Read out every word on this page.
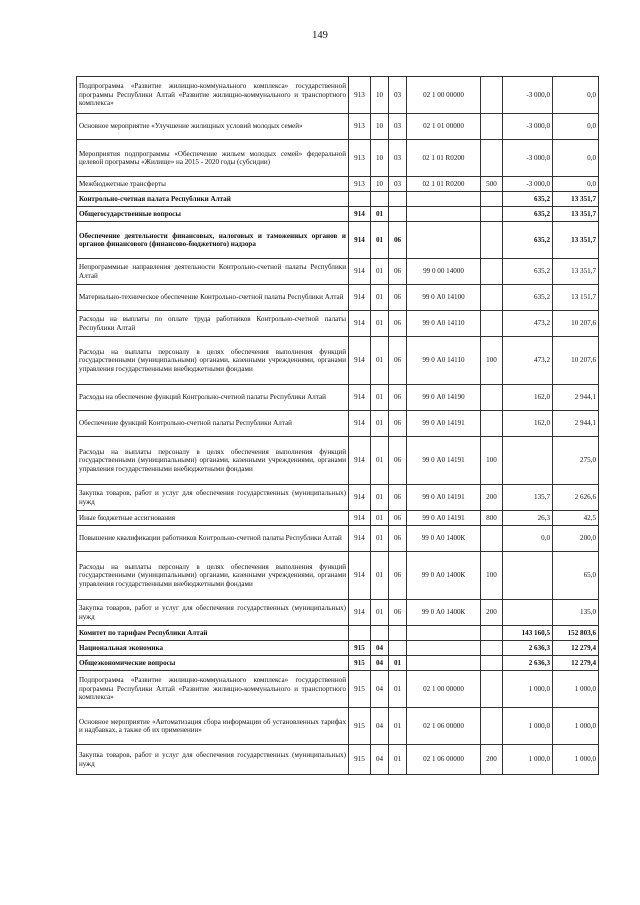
149
Подпрограмма «Развитие жилищно-коммунального комплекса» государственной программы Республики Алтай «Развитие жилищно-коммунального и транспортного комплекса»	913	10	03	02 1 00 00000		-3 000,0	0,0
Основное мероприятие «Улучшение жилищных условий молодых семей»	913	10	03	02 1 01 00000		-3 000,0	0,0
Мероприятия подпрограммы «Обеспечение жильем молодых семей» федеральной целевой программы «Жилище» на 2015 - 2020 годы (субсидии)	913	10	03	02 1 01 R0200		-3 000,0	0,0
Межбюджетные трансферты	913	10	03	02 1 01 R0200	500	-3 000,0	0,0
Контрольно-счетная палата Республики Алтай						635,2	13 351,7
Общегосударственные вопросы	914	01				635,2	13 351,7
Обеспечение деятельности финансовых, налоговых и таможенных органов и органов финансового (финансово-бюджетного) надзора	914	01	06			635,2	13 351,7
Непрограммные направления деятельности Контрольно-счетной палаты Республики Алтай	914	01	06	99 0 00 14000		635,2	13 351,7
Материально-техническое обеспечение Контрольно-счетной палаты Республики Алтай	914	01	06	99 0 А0 14100		635,2	13 151,7
Расходы на выплаты по оплате труда работников Контрольно-счетной палаты Республики Алтай	914	01	06	99 0 А0 14110		473,2	10 207,6
Расходы на выплаты персоналу в целях обеспечения выполнения функций государственными (муниципальными) органами, казенными учреждениями, органами управления государственными внебюджетными фондами	914	01	06	99 0 А0 14110	100	473,2	10 207,6
Расходы на обеспечение функций Контрольно-счетной палаты Республики Алтай	914	01	06	99 0 А0 14190		162,0	2 944,1
Обеспечение функций Контрольно-счетной палаты Республики Алтай	914	01	06	99 0 А0 14191		162,0	2 944,1
Расходы на выплаты персоналу в целях обеспечения выполнения функций государственными (муниципальными) органами, казенными учреждениями, органами управления государственными внебюджетными фондами	914	01	06	99 0 А0 14191	100		275,0
Закупка товаров, работ и услуг для обеспечения государственных (муниципальных) нужд	914	01	06	99 0 А0 14191	200	135,7	2 626,6
Иные бюджетные ассигнования	914	01	06	99 0 А0 14191	800	26,3	42,5
Повышение квалификации работников Контрольно-счетной палаты Республики Алтай	914	01	06	99 0 А0 1400К		0,0	200,0
Расходы на выплаты персоналу в целях обеспечения выполнения функций государственными (муниципальными) органами, казенными учреждениями, органами управления государственными внебюджетными фондами	914	01	06	99 0 А0 1400К	100		65,0
Закупка товаров, работ и услуг для обеспечения государственных (муниципальных) нужд	914	01	06	99 0 А0 1400К	200		135,0
Комитет по тарифам Республики Алтай						143 160,5	152 803,6
Национальная экономика	915	04				2 636,3	12 279,4
Общеэкономические вопросы	915	04	01			2 636,3	12 279,4
Подпрограмма «Развитие жилищно-коммунального комплекса» государственной программы Республики Алтай «Развитие жилищно-коммунального и транспортного комплекса»	915	04	01	02 1 00 00000		1 000,0	1 000,0
Основное мероприятие «Автоматизация сбора информации об установленных тарифах и надбавках, а также об их применении»	915	04	01	02 1 06 00000		1 000,0	1 000,0
Закупка товаров, работ и услуг для обеспечения государственных (муниципальных) нужд	915	04	01	02 1 06 00000	200	1 000,0	1 000,0
